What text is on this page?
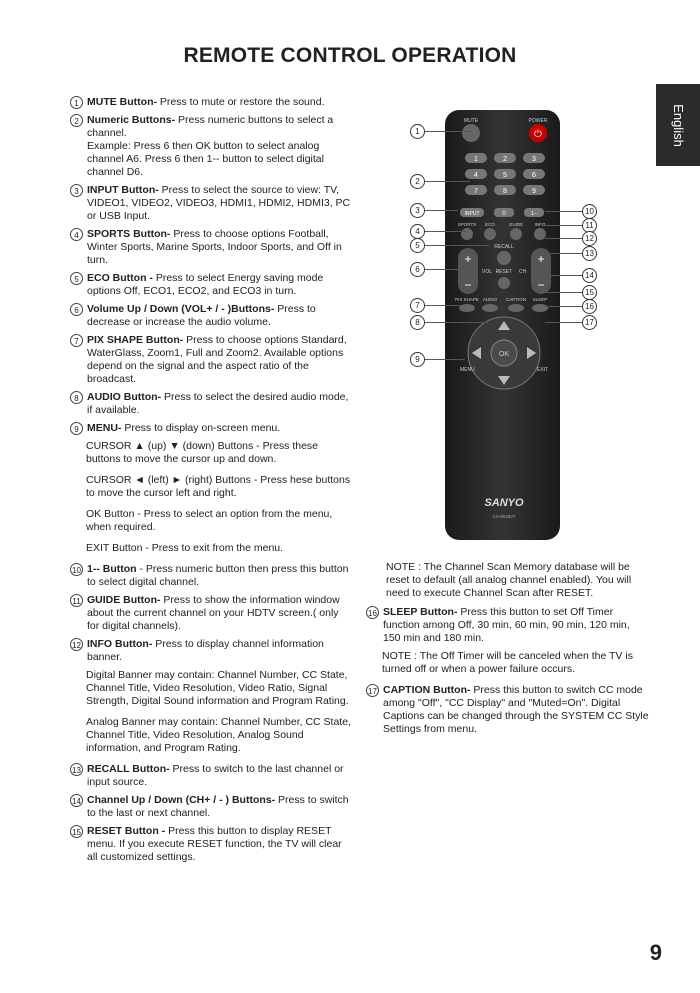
REMOTE CONTROL OPERATION
English
1 MUTE Button- Press to mute or restore the sound.
2 Numeric Buttons- Press numeric buttons to select a channel.
Example: Press 6 then OK button to select analog channel A6. Press 6 then 1-- button to select digital channel D6.
3 INPUT Button- Press to select the source to view: TV, VIDEO1, VIDEO2, VIDEO3, HDMI1, HDMI2, HDMI3, PC or USB Input.
4 SPORTS Button- Press to choose options Football, Winter Sports, Marine Sports, Indoor Sports, and Off in turn.
5 ECO Button - Press to select Energy saving mode options Off, ECO1, ECO2, and ECO3 in turn.
6 Volume Up / Down (VOL+ / - )Buttons- Press to decrease or increase the audio volume.
7 PIX SHAPE Button- Press to choose options Standard, WaterGlass, Zoom1, Full and Zoom2. Available options depend on the signal and the aspect ratio of the broadcast.
8 AUDIO Button- Press to select the desired audio mode, if available.
9 MENU- Press to display on-screen menu.
CURSOR ▲ (up) ▼ (down) Buttons - Press these buttons to move the cursor up and down.
CURSOR ◄ (left) ► (right) Buttons - Press hese buttons to move the cursor left and right.
OK Button - Press to select an option from the menu, when required.
EXIT Button - Press to exit from the menu.
10 1-- Button - Press numeric button then press this button to select digital channel.
11 GUIDE Button- Press to show the information window about the current channel on your HDTV screen.( only for digital channels).
12 INFO Button- Press to display channel information banner.
Digital Banner may contain: Channel Number, CC State, Channel Title, Video Resolution, Video Ratio, Signal Strength, Digital Sound information and Program Rating.
Analog Banner may contain: Channel Number, CC State, Channel Title, Video Resolution, Analog Sound information, and Program Rating.
13 RECALL Button- Press to switch to the last channel or input source.
14 Channel Up / Down (CH+ / - ) Buttons- Press to switch to the last or next channel.
15 RESET Button - Press this button to display RESET menu. If you execute RESET function, the TV will clear all customized settings.
NOTE : The Channel Scan Memory database will be reset to default (all analog channel enabled). You will need to execute Channel Scan after RESET.
16 SLEEP Button- Press this button to set Off Timer function among Off, 30 min, 60 min, 90 min, 120 min, 150 min and 180 min.
NOTE : The Off Timer will be canceled when the TV is turned off or when a power failure occurs.
17 CAPTION Button- Press this button to switch CC mode among "Off", "CC Display" and "Muted=On". Digital Captions can be changed through the SYSTEM CC Style Settings from menu.
MUTE	POWER
⏻
1	2	3
4	5	6
7	8	9
INPUT	0	1--
SPORTS ECO	GUIDE	INFO
RECALL
+
−
+
−
VOL	CH
RESET
PIX SHAPE AUDIO CAPTION SLEEP
OK
MENU	EXIT
SANYO
CS-90283T
1
2
3
4
5
6
7
8
9
10
11
12
13
14
15
16
17
9
